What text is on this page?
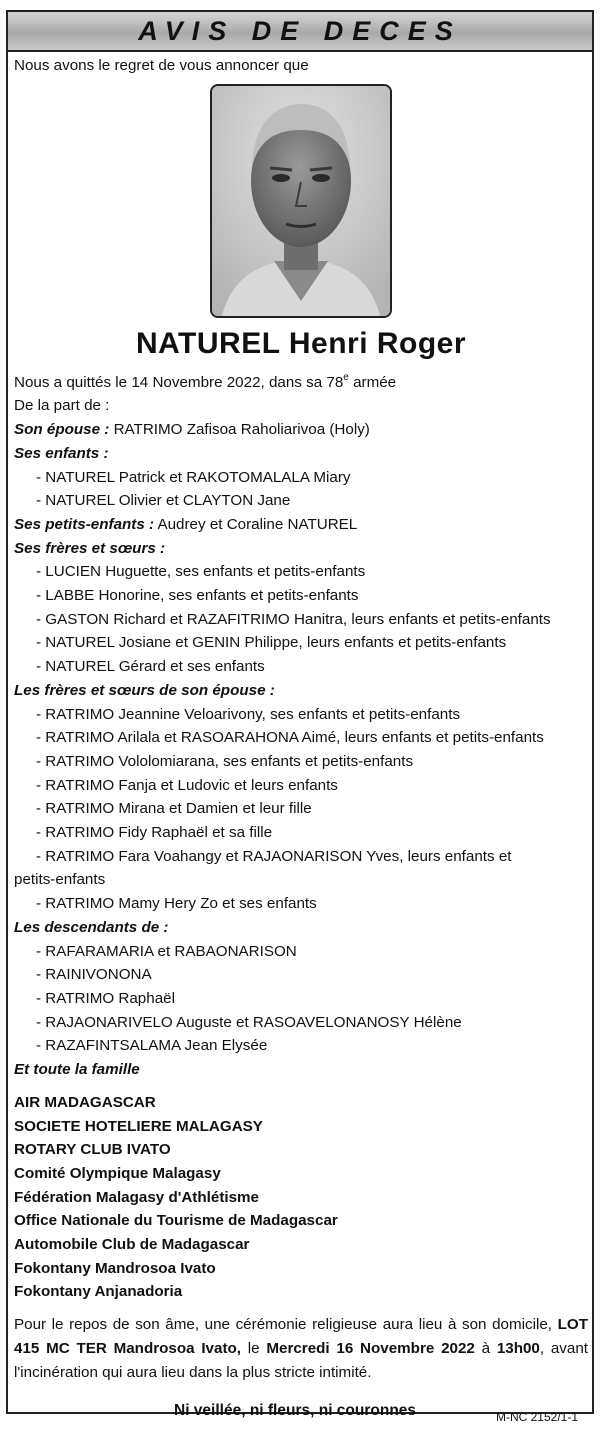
AVIS DE DECES

Nous avons le regret de vous annoncer que

NATUREL Henri Roger

Nous a quittés le 14 Novembre 2022, dans sa 78e armée

De la part de :

Son épouse : RATRIMO Zafisoa Raholiarivoa (Holy)

Ses enfants :

- NATUREL Patrick et RAKOTOMALALA Miary
- NATUREL Olivier et CLAYTON Jane

Ses petits-enfants : Audrey et Coraline NATUREL

Ses frères et sœurs :

- LUCIEN Huguette, ses enfants et petits-enfants
- LABBE Honorine, ses enfants et petits-enfants
- GASTON Richard et RAZAFITRIMO Hanitra, leurs enfants et petits-enfants
- NATUREL Josiane et GENIN Philippe, leurs enfants et petits-enfants
- NATUREL Gérard et ses enfants

Les frères et sœurs de son épouse :

- RATRIMO Jeannine Veloarivony, ses enfants et petits-enfants
- RATRIMO Arilala et RASOARAHONA Aimé, leurs enfants et petits-enfants
- RATRIMO Vololomiarana, ses enfants et petits-enfants
- RATRIMO Fanja et Ludovic et leurs enfants
- RATRIMO Mirana et Damien et leur fille
- RATRIMO Fidy Raphaël et sa fille
- RATRIMO Fara Voahangy et RAJAONARISON Yves, leurs enfants et
petits-enfants
- RATRIMO Mamy Hery Zo et ses enfants

Les descendants de :

- RAFARAMARIA et RABAONARISON
- RAINIVONONA
- RATRIMO Raphaël
- RAJAONARIVELO Auguste et RASOAVELONANOSY Hélène
- RAZAFINTSALAMA Jean Elysée

Et toute la famille

AIR MADAGASCAR
SOCIETE HOTELIERE MALAGASY
ROTARY CLUB IVATO
Comité Olympique Malagasy
Fédération Malagasy d'Athlétisme
Office Nationale du Tourisme de Madagascar
Automobile Club de Madagascar
Fokontany Mandrosoa Ivato
Fokontany Anjanadoria

Pour le repos de son âme, une cérémonie religieuse aura lieu à son domicile, LOT 415 MC TER Mandrosoa Ivato, le Mercredi 16 Novembre 2022 à 13h00, avant l'incinération qui aura lieu dans la plus stricte intimité.

Ni veillée, ni fleurs, ni couronnes	M-NC 2152/1-1
